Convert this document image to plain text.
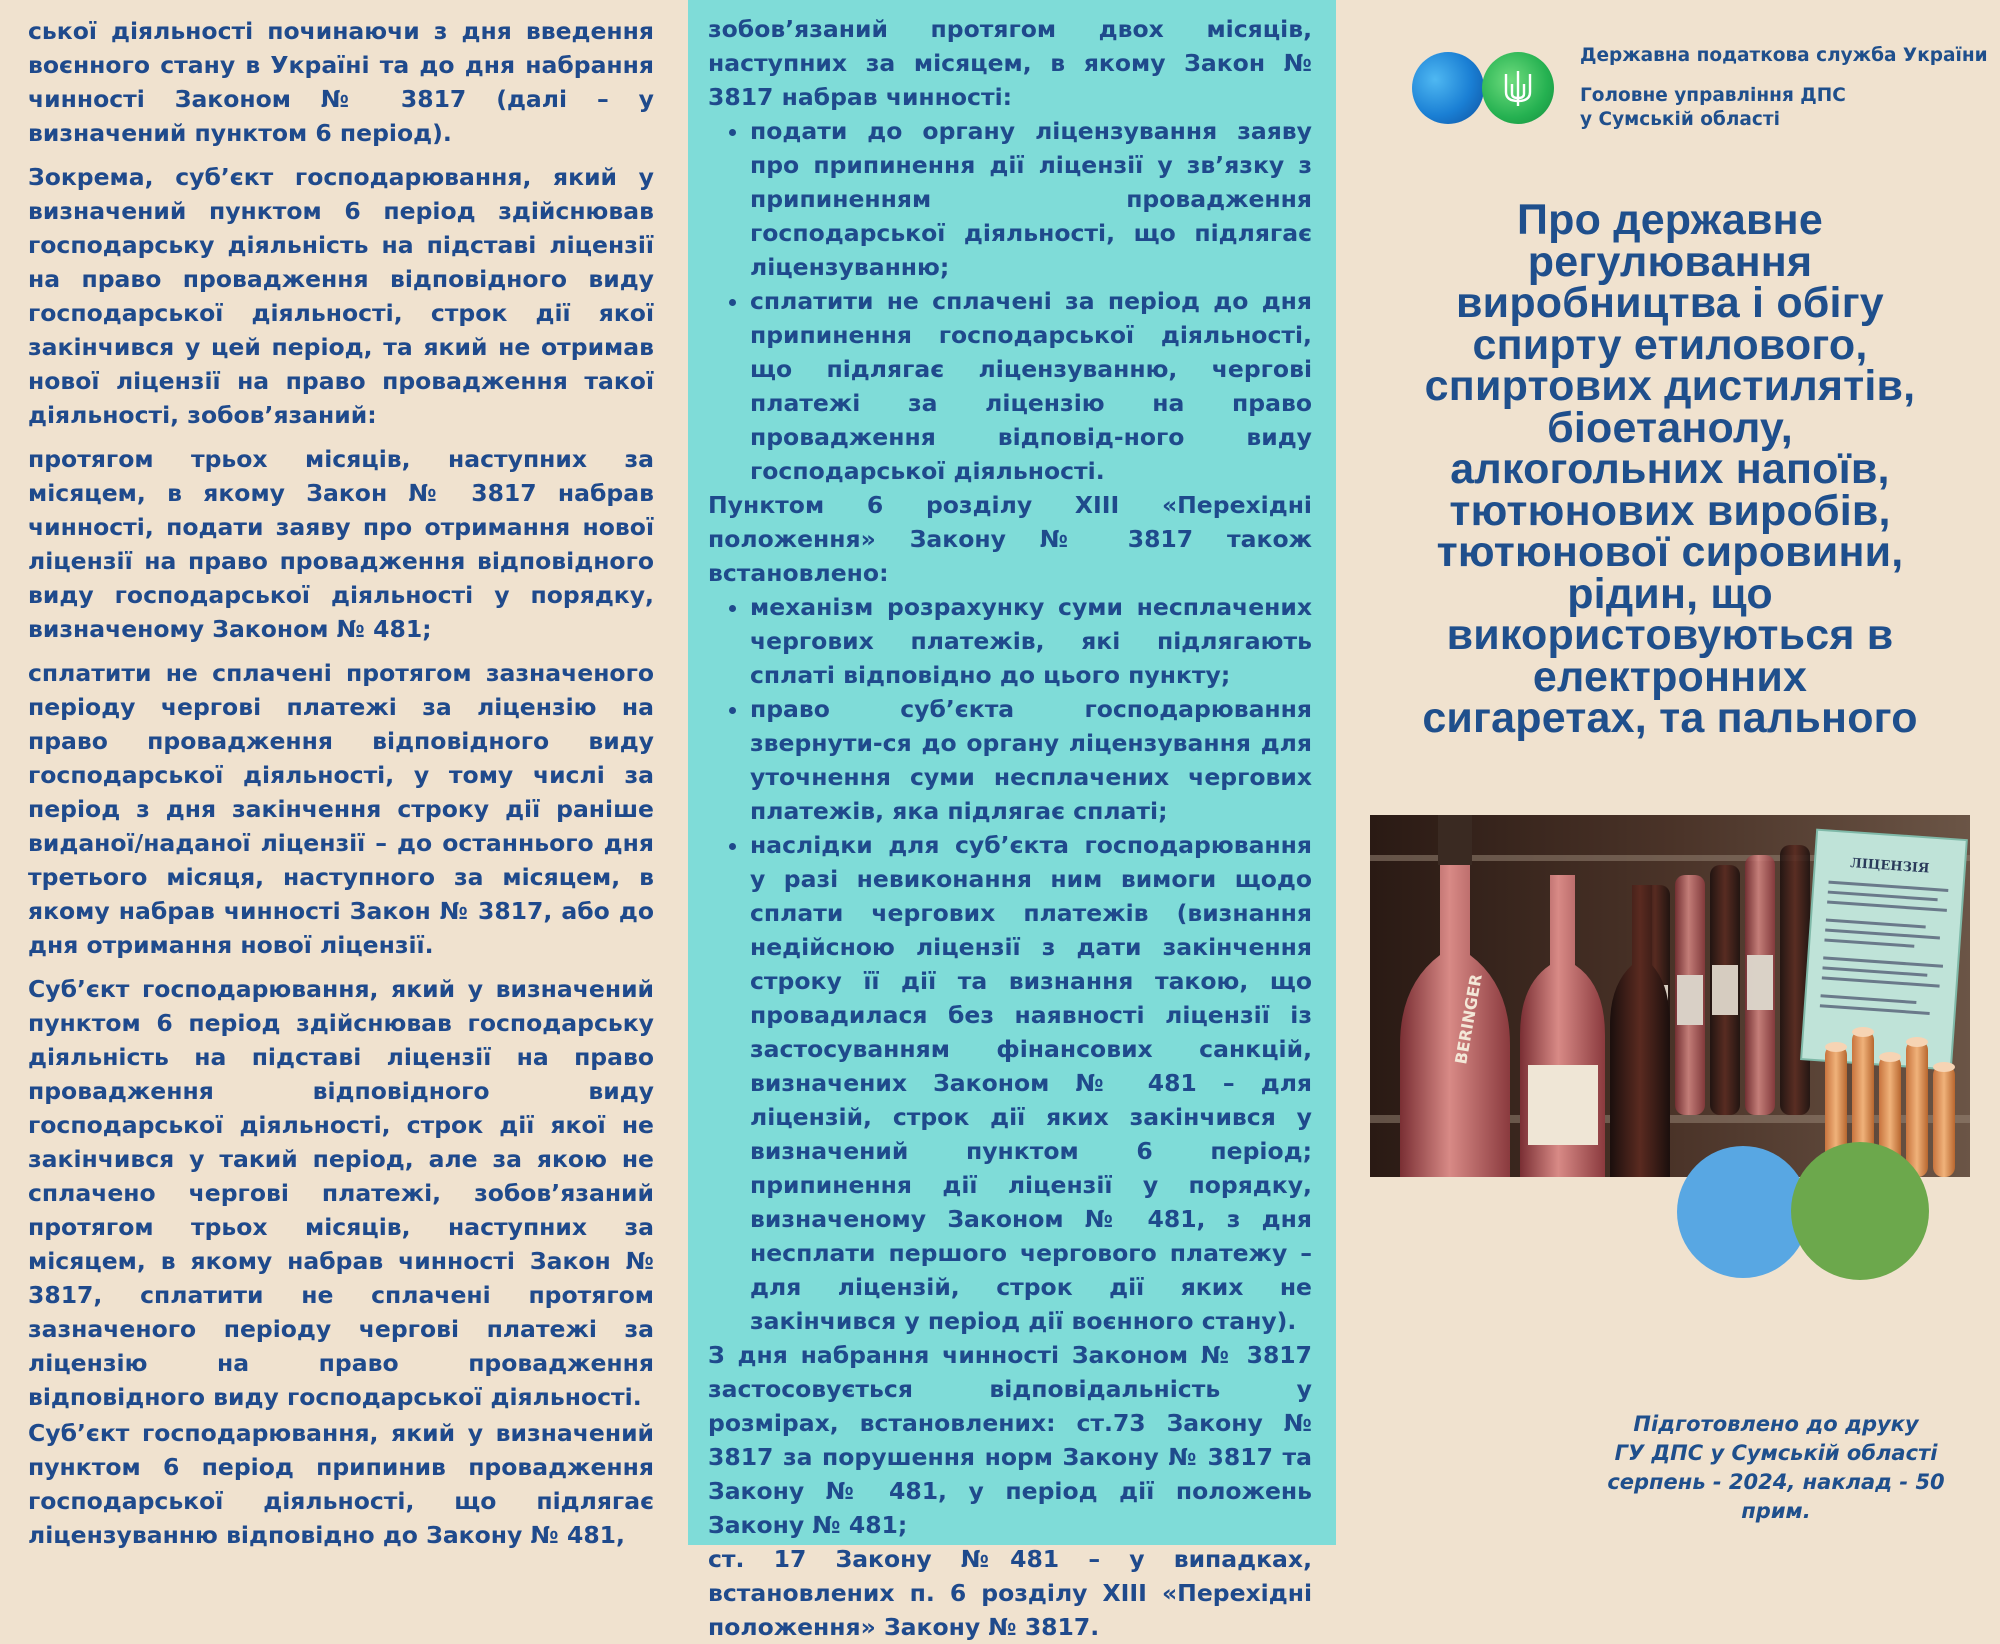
ської діяльності починаючи з дня введення воєнного стану в Україні та до дня набрання чинності Законом № 3817 (далі – у визначений пунктом 6 період).

Зокрема, суб’єкт господарювання, який у визначений пунктом 6 період здійснював господарську діяльність на підставі ліцензії на право провадження відповідного виду господарської діяльності, строк дії якої закінчився у цей період, та який не отримав нової ліцензії на право провадження такої діяльності, зобов’язаний:

протягом трьох місяців, наступних за місяцем, в якому Закон № 3817 набрав чинності, подати заяву про отримання нової ліцензії на право провадження відповідного виду господарської діяльності у порядку, визначеному Законом № 481;

сплатити не сплачені протягом зазначеного періоду чергові платежі за ліцензію на право провадження відповідного виду господарської діяльності, у тому числі за період з дня закінчення строку дії раніше виданої/наданої ліцензії – до останнього дня третього місяця, наступного за місяцем, в якому набрав чинності Закон № 3817, або до дня отримання нової ліцензії.

Суб’єкт господарювання, який у визначений пунктом 6 період здійснював господарську діяльність на підставі ліцензії на право провадження відповідного виду господарської діяльності, строк дії якої не закінчився у такий період, але за якою не сплачено чергові платежі, зобов’язаний протягом трьох місяців, наступних за місяцем, в якому набрав чинності Закон № 3817, сплатити не сплачені протягом зазначеного періоду чергові платежі за ліцензію на право провадження відповідного виду господарської діяльності.

Суб’єкт господарювання, який у визначений пунктом 6 період припинив провадження господарської діяльності, що підлягає ліцензуванню відповідно до Закону № 481,

зобов’язаний протягом двох місяців, наступних за місяцем, в якому Закон № 3817 набрав чинності:

• подати до органу ліцензування заяву про припинення дії ліцензії у зв’язку з припиненням провадження господарської діяльності, що підлягає ліцензуванню;
• сплатити не сплачені за період до дня припинення господарської діяльності, що підлягає ліцензуванню, чергові платежі за ліцензію на право провадження відповід-ного виду господарської діяльності.

Пунктом 6 розділу XIII «Перехідні положення» Закону № 3817 також встановлено:

• механізм розрахунку суми несплачених чергових платежів, які підлягають сплаті відповідно до цього пункту;
• право суб’єкта господарювання звернути-ся до органу ліцензування для уточнення суми несплачених чергових платежів, яка підлягає сплаті;
• наслідки для суб’єкта господарювання у разі невиконання ним вимоги щодо сплати чергових платежів (визнання недійсною ліцензії з дати закінчення строку її дії та визнання такою, що провадилася без наявності ліцензії із застосуванням фінансових санкцій, визначених Законом № 481 – для ліцензій, строк дії яких закінчився у визначений пунктом 6 період; припинення дії ліцензії у порядку, визначеному Законом № 481, з дня несплати першого чергового платежу – для ліцензій, строк дії яких не закінчився у період дії воєнного стану).

З дня набрання чинності Законом № 3817 застосовується відповідальність у розмірах, встановлених: ст.73 Закону № 3817 за порушення норм Закону № 3817 та Закону № 481, у період дії положень Закону № 481;

ст. 17 Закону №481 – у випадках, встановлених п. 6 розділу XIII «Перехідні положення» Закону № 3817.

Державна податкова служба України
Головне управління ДПС
у Сумській області
Про державне
регулювання
виробництва і обігу
спирту етилового,
спиртових дистилятів,
біоетанолу,
алкогольних напоїв,
тютюнових виробів,
тютюнової сировини,
рідин, що
використовуються в
електронних
сигаретах, та пального
BERINGER
ЛІЦЕНЗІЯ
Підготовлено до друку
ГУ ДПС у Сумській області
серпень - 2024, наклад - 50 прим.
